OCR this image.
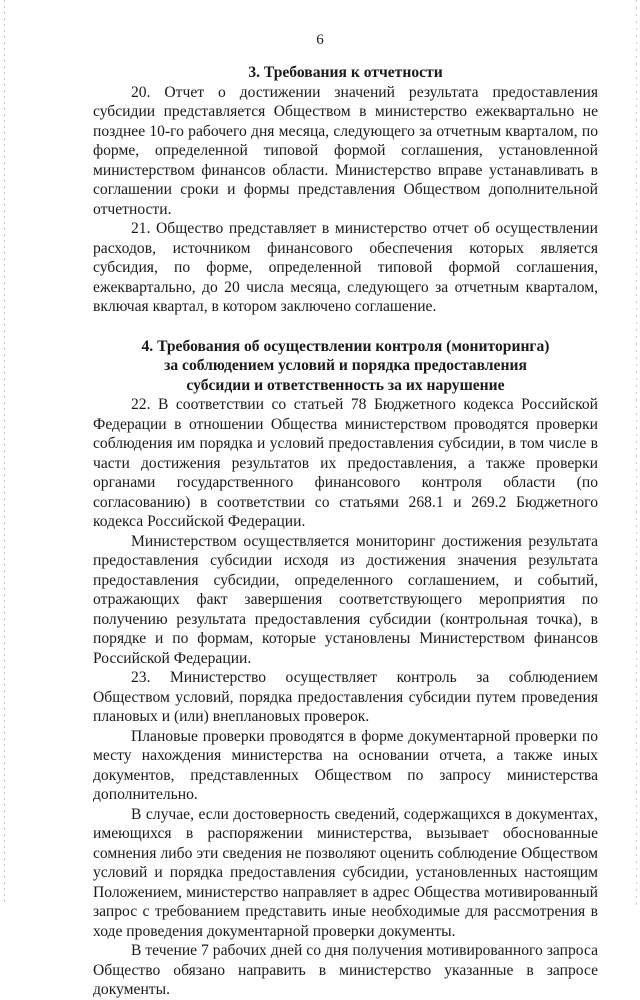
6
3. Требования к отчетности

20. Отчет о достижении значений результата предоставления субсидии представляется Обществом в министерство ежеквартально не позднее 10-го рабочего дня месяца, следующего за отчетным кварталом, по форме, определенной типовой формой соглашения, установленной министерством финансов области. Министерство вправе устанавливать в соглашении сроки и формы представления Обществом дополнительной отчетности.

21. Общество представляет в министерство отчет об осуществлении расходов, источником финансового обеспечения которых является субсидия, по форме, определенной типовой формой соглашения, ежеквартально, до 20 числа месяца, следующего за отчетным кварталом, включая квартал, в котором заключено соглашение.

4. Требования об осуществлении контроля (мониторинга)
за соблюдением условий и порядка предоставления
субсидии и ответственность за их нарушение

22. В соответствии со статьей 78 Бюджетного кодекса Российской Федерации в отношении Общества министерством проводятся проверки соблюдения им порядка и условий предоставления субсидии, в том числе в части достижения результатов их предоставления, а также проверки органами государственного финансового контроля области (по согласованию) в соответствии со статьями 268.1 и 269.2 Бюджетного кодекса Российской Федерации.

Министерством осуществляется мониторинг достижения результата предоставления субсидии исходя из достижения значения результата предоставления субсидии, определенного соглашением, и событий, отражающих факт завершения соответствующего мероприятия по получению результата предоставления субсидии (контрольная точка), в порядке и по формам, которые установлены Министерством финансов Российской Федерации.

23. Министерство осуществляет контроль за соблюдением Обществом условий, порядка предоставления субсидии путем проведения плановых и (или) внеплановых проверок.

Плановые проверки проводятся в форме документарной проверки по месту нахождения министерства на основании отчета, а также иных документов, представленных Обществом по запросу министерства дополнительно.

В случае, если достоверность сведений, содержащихся в документах, имеющихся в распоряжении министерства, вызывает обоснованные сомнения либо эти сведения не позволяют оценить соблюдение Обществом условий и порядка предоставления субсидии, установленных настоящим Положением, министерство направляет в адрес Общества мотивированный запрос с требованием представить иные необходимые для рассмотрения в ходе проведения документарной проверки документы.

В течение 7 рабочих дней со дня получения мотивированного запроса Общество обязано направить в министерство указанные в запросе документы.
